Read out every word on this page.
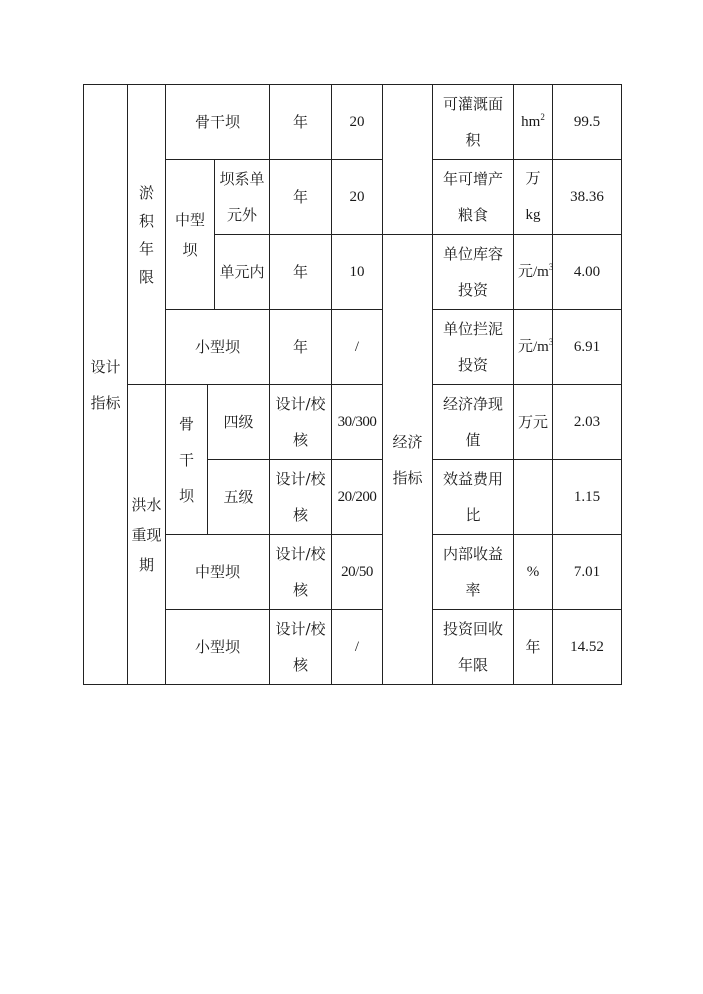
设计指标	淤积年限	骨干坝			年	20		可灌溉面积	$hm^2$	99.5

		中型坝		坝系单元外	年	20		年可增产粮食	万kg	38.36
				单元内	年	10	经济指标	单位库容投资	元$/m^3$	4.00
		小型坝			年	/		单位拦泥投资	元$/m^3$	6.91

	洪水重现期	骨干坝	四级		设计/校核	30/300		经济净现值	万元	2.03
			五级		设计/校核	20/200		效益费用比		1.15
		中型坝			设计/校核	20/50		内部收益率	%	7.01
		小型坝			设计/校核	/		投资回收年限	年	14.52
